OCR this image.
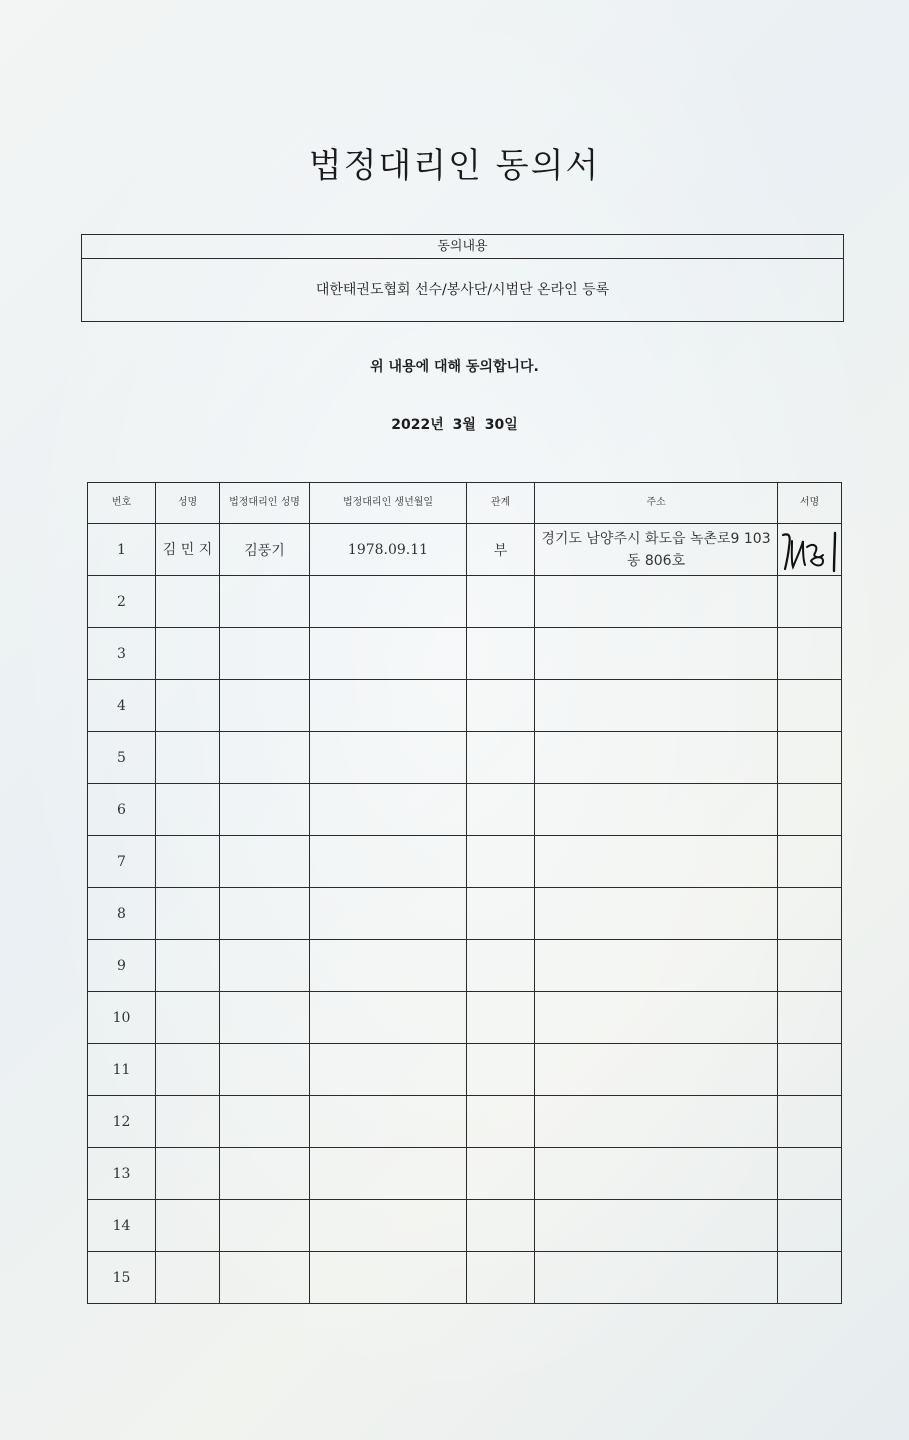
법정대리인 동의서
동의내용
대한태권도협회 선수/봉사단/시범단 온라인 등록
위 내용에 대해 동의합니다.
2022년 3월 30일
번호	성명	법정대리인 성명	법정대리인 생년월일	관계	주소	서명
1	김 민 지	김풍기	1978.09.11	부	경기도 남양주시 화도읍 녹촌로9 103동 806호	

2						
3						
4						
5						
6						
7						
8						
9						
10						
11						
12						
13						
14						
15						
